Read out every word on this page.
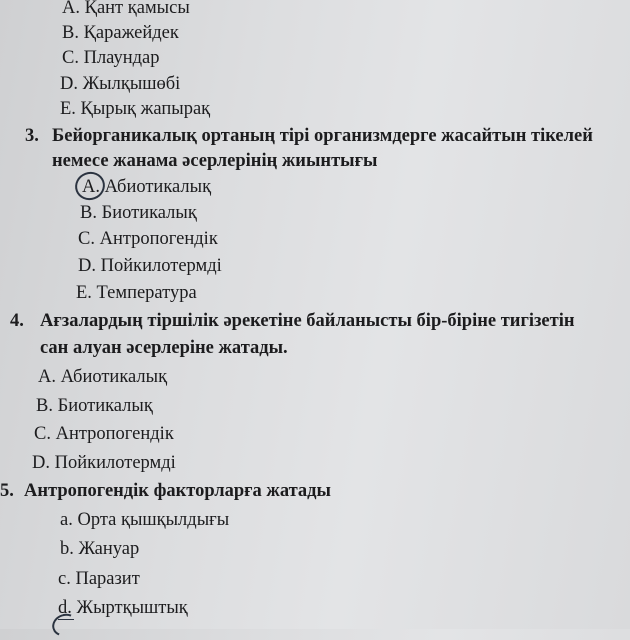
A. Қант қамысы
B. Қаражейдек
C. Плаундар
D. Жылқышөбі
E. Қырық жапырақ
3. Бейорганикалық ортаның тірі организмдерге жасайтын тікелей
немесе жанама әсерлерінің жиынтығы
A. Абиотикалық
B. Биотикалық
C. Антропогендік
D. Пойкилотермді
E. Температура
4. Ағзалардың тіршілік әрекетіне байланысты бір-біріне тигізетін
сан алуан әсерлеріне жатады.
A. Абиотикалық
B. Биотикалық
C. Антропогендік
D. Пойкилотермді
5. Антропогендік факторларға жатады
a. Орта қышқылдығы
b. Жануар
c. Паразит
d. Жыртқыштық
